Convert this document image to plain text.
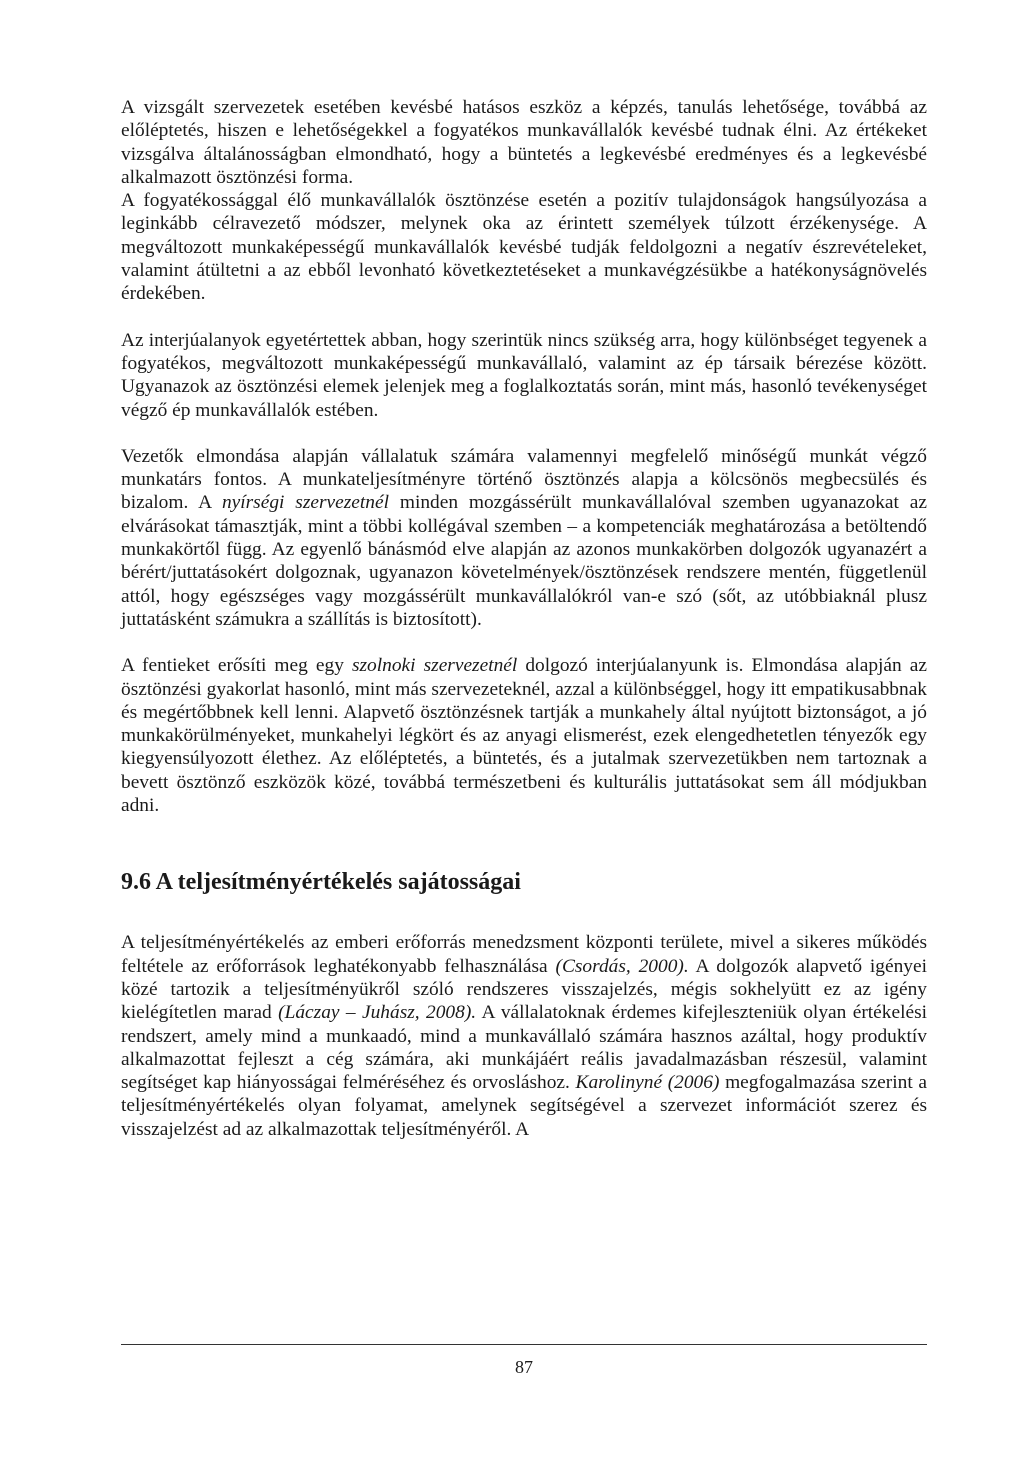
A vizsgált szervezetek esetében kevésbé hatásos eszköz a képzés, tanulás lehetősége, továbbá az előléptetés, hiszen e lehetőségekkel a fogyatékos munkavállalók kevésbé tudnak élni. Az értékeket vizsgálva általánosságban elmondható, hogy a büntetés a legkevésbé eredményes és a legkevésbé alkalmazott ösztönzési forma.

A fogyatékossággal élő munkavállalók ösztönzése esetén a pozitív tulajdonságok hangsúlyozása a leginkább célravezető módszer, melynek oka az érintett személyek túlzott érzékenysége. A megváltozott munkaképességű munkavállalók kevésbé tudják feldolgozni a negatív észrevételeket, valamint átültetni a az ebből levonható következtetéseket a munkavégzésükbe a hatékonyságnövelés érdekében.

Az interjúalanyok egyetértettek abban, hogy szerintük nincs szükség arra, hogy különbséget tegyenek a fogyatékos, megváltozott munkaképességű munkavállaló, valamint az ép társaik bérezése között. Ugyanazok az ösztönzési elemek jelenjek meg a foglalkoztatás során, mint más, hasonló tevékenységet végző ép munkavállalók estében.

Vezetők elmondása alapján vállalatuk számára valamennyi megfelelő minőségű munkát végző munkatárs fontos. A munkateljesítményre történő ösztönzés alapja a kölcsönös megbecsülés és bizalom. A nyírségi szervezetnél minden mozgássérült munkavállalóval szemben ugyanazokat az elvárásokat támasztják, mint a többi kollégával szemben – a kompetenciák meghatározása a betöltendő munkakörtől függ. Az egyenlő bánásmód elve alapján az azonos munkakörben dolgozók ugyanazért a bérért/juttatásokért dolgoznak, ugyanazon követelmények/ösztönzések rendszere mentén, függetlenül attól, hogy egészséges vagy mozgássérült munkavállalókról van-e szó (sőt, az utóbbiaknál plusz juttatásként számukra a szállítás is biztosított).

A fentieket erősíti meg egy szolnoki szervezetnél dolgozó interjúalanyunk is. Elmondása alapján az ösztönzési gyakorlat hasonló, mint más szervezeteknél, azzal a különbséggel, hogy itt empatikusabbnak és megértőbbnek kell lenni. Alapvető ösztönzésnek tartják a munkahely által nyújtott biztonságot, a jó munkakörülményeket, munkahelyi légkört és az anyagi elismerést, ezek elengedhetetlen tényezők egy kiegyensúlyozott élethez. Az előléptetés, a büntetés, és a jutalmak szervezetükben nem tartoznak a bevett ösztönző eszközök közé, továbbá természetbeni és kulturális juttatásokat sem áll módjukban adni.

9.6 A teljesítményértékelés sajátosságai

A teljesítményértékelés az emberi erőforrás menedzsment központi területe, mivel a sikeres működés feltétele az erőforrások leghatékonyabb felhasználása (Csordás, 2000). A dolgozók alapvető igényei közé tartozik a teljesítményükről szóló rendszeres visszajelzés, mégis sokhelyütt ez az igény kielégítetlen marad (Láczay – Juhász, 2008). A vállalatoknak érdemes kifejleszteniük olyan értékelési rendszert, amely mind a munkaadó, mind a munkavállaló számára hasznos azáltal, hogy produktív alkalmazottat fejleszt a cég számára, aki munkájáért reális javadalmazásban részesül, valamint segítséget kap hiányosságai felméréséhez és orvosláshoz. Karolinyné (2006) megfogalmazása szerint a teljesítményértékelés olyan folyamat, amelynek segítségével a szervezet információt szerez és visszajelzést ad az alkalmazottak teljesítményéről. A

87
